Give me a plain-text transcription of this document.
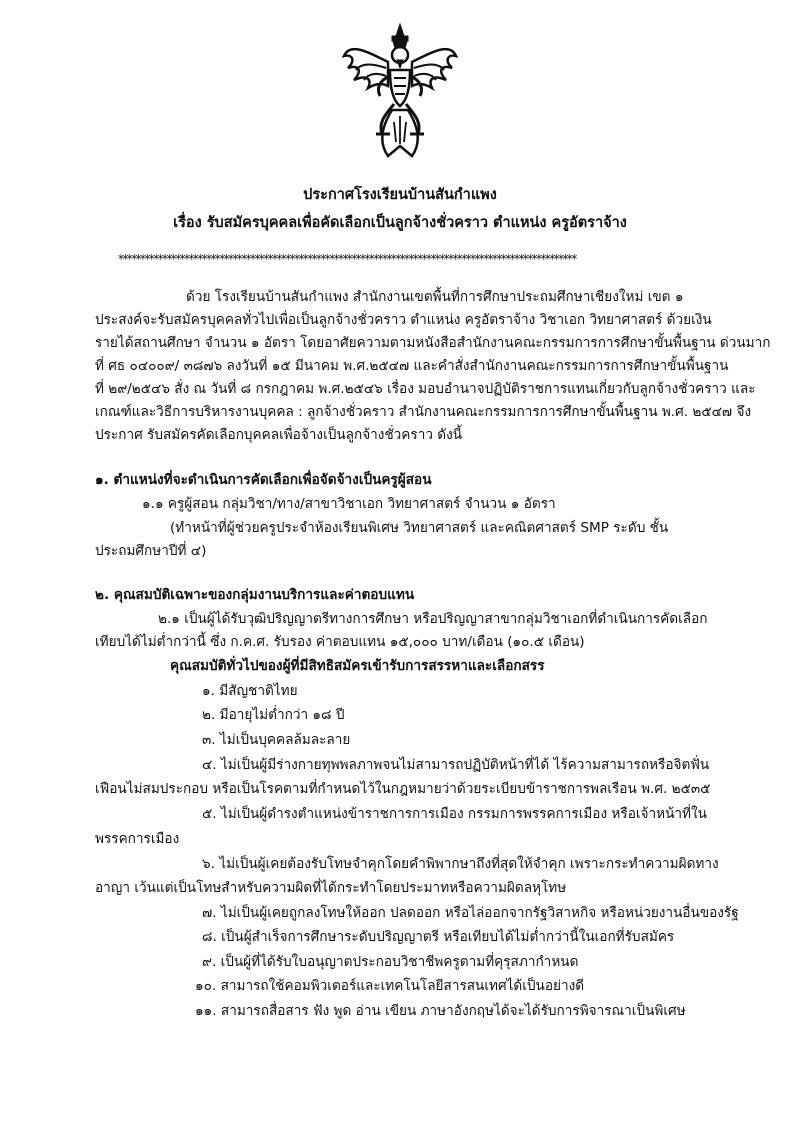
ประกาศโรงเรียนบ้านสันกำแพง
เรื่อง รับสมัครบุคคลเพื่อคัดเลือกเป็นลูกจ้างชั่วคราว ตำแหน่ง ครูอัตราจ้าง
********************************************************************************************************
ด้วย โรงเรียนบ้านสันกำแพง สำนักงานเขตพื้นที่การศึกษาประถมศึกษาเชียงใหม่ เขต ๑
ประสงค์จะรับสมัครบุคคลทั่วไปเพื่อเป็นลูกจ้างชั่วคราว ตำแหน่ง ครูอัตราจ้าง วิชาเอก วิทยาศาสตร์ ด้วยเงิน
รายได้สถานศึกษา จำนวน ๑ อัตรา โดยอาศัยความตามหนังสือสำนักงานคณะกรรมการการศึกษาขั้นพื้นฐาน ด่วนมาก
ที่ ศธ ๐๔๐๐๙/ ๓๘๗๖ ลงวันที่ ๑๕ มีนาคม พ.ศ.๒๕๔๗ และคำสั่งสำนักงานคณะกรรมการการศึกษาขั้นพื้นฐาน
ที่ ๒๙/๒๕๔๖ สั่ง ณ วันที่ ๘ กรกฎาคม พ.ศ.๒๕๔๖ เรื่อง มอบอำนาจปฏิบัติราชการแทนเกี่ยวกับลูกจ้างชั่วคราว และ
เกณฑ์และวิธีการบริหารงานบุคคล : ลูกจ้างชั่วคราว สำนักงานคณะกรรมการการศึกษาขั้นพื้นฐาน พ.ศ. ๒๕๔๗ จึง
ประกาศ รับสมัครคัดเลือกบุคคลเพื่อจ้างเป็นลูกจ้างชั่วคราว ดังนี้
๑. ตำแหน่งที่จะดำเนินการคัดเลือกเพื่อจัดจ้างเป็นครูผู้สอน
๑.๑ ครูผู้สอน กลุ่มวิชา/ทาง/สาขาวิชาเอก วิทยาศาสตร์ จำนวน ๑ อัตรา
(ทำหน้าที่ผู้ช่วยครูประจำห้องเรียนพิเศษ วิทยาศาสตร์ และคณิตศาสตร์ SMP ระดับ ชั้น
ประถมศึกษาปีที่ ๔)
๒. คุณสมบัติเฉพาะของกลุ่มงานบริการและค่าตอบแทน
๒.๑ เป็นผู้ได้รับวุฒิปริญญาตรีทางการศึกษา หรือปริญญาสาขากลุ่มวิชาเอกที่ดำเนินการคัดเลือก
เทียบได้ไม่ต่ำกว่านี้ ซึ่ง ก.ค.ศ. รับรอง ค่าตอบแทน ๑๕,๐๐๐ บาท/เดือน (๑๐.๕ เดือน)
คุณสมบัติทั่วไปของผู้ที่มีสิทธิสมัครเข้ารับการสรรหาและเลือกสรร
๑. มีสัญชาติไทย
๒. มีอายุไม่ต่ำกว่า ๑๘ ปี
๓. ไม่เป็นบุคคลล้มละลาย
๔. ไม่เป็นผู้มีร่างกายทุพพลภาพจนไม่สามารถปฏิบัติหน้าที่ได้ ไร้ความสามารถหรือจิตฟั่น
เฟือนไม่สมประกอบ หรือเป็นโรคตามที่กำหนดไว้ในกฎหมายว่าด้วยระเบียบข้าราชการพลเรือน พ.ศ. ๒๕๓๕
๕. ไม่เป็นผู้ดำรงตำแหน่งข้าราชการการเมือง กรรมการพรรคการเมือง หรือเจ้าหน้าที่ใน
พรรคการเมือง
๖. ไม่เป็นผู้เคยต้องรับโทษจำคุกโดยคำพิพากษาถึงที่สุดให้จำคุก เพราะกระทำความผิดทาง
อาญา เว้นแต่เป็นโทษสำหรับความผิดที่ได้กระทำโดยประมาทหรือความผิดลหุโทษ
๗. ไม่เป็นผู้เคยถูกลงโทษให้ออก ปลดออก หรือไล่ออกจากรัฐวิสาหกิจ หรือหน่วยงานอื่นของรัฐ
๘. เป็นผู้สำเร็จการศึกษาระดับปริญญาตรี หรือเทียบได้ไม่ต่ำกว่านี้ในเอกที่รับสมัคร
๙. เป็นผู้ที่ได้รับใบอนุญาตประกอบวิชาชีพครูตามที่คุรุสภากำหนด
๑๐. สามารถใช้คอมพิวเตอร์และเทคโนโลยีสารสนเทศได้เป็นอย่างดี
๑๑. สามารถสื่อสาร ฟัง พูด อ่าน เขียน ภาษาอังกฤษได้จะได้รับการพิจารณาเป็นพิเศษ
